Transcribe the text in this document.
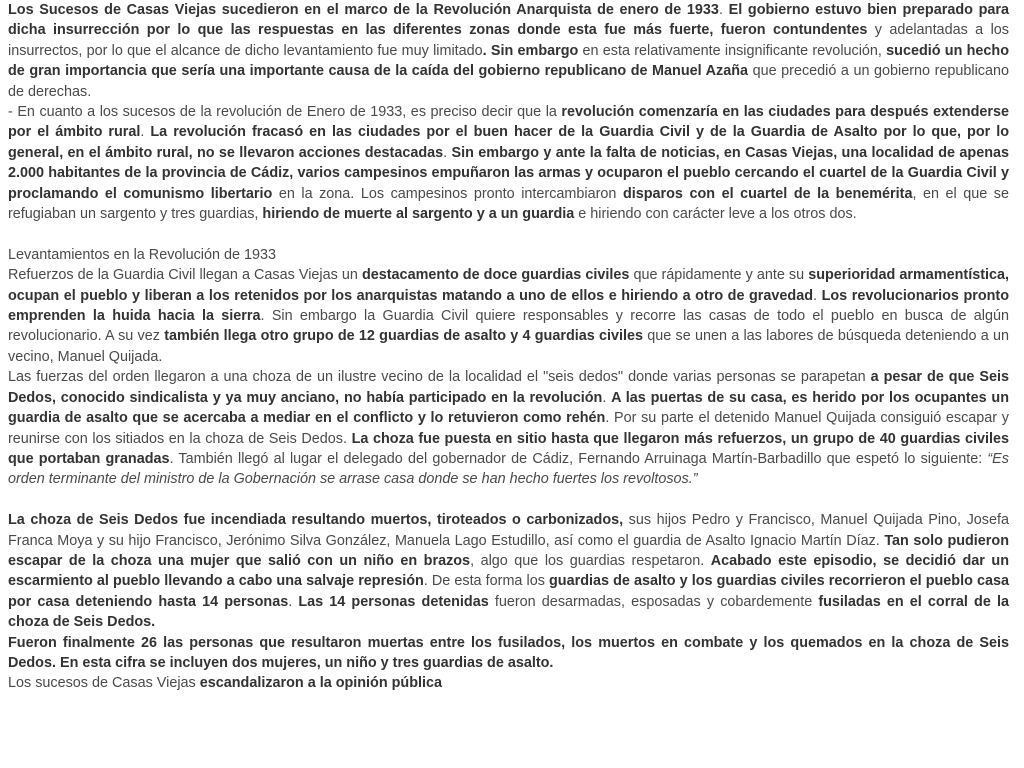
Los Sucesos de Casas Viejas sucedieron en el marco de la Revolución Anarquista de enero de 1933. El gobierno estuvo bien preparado para dicha insurrección por lo que las respuestas en las diferentes zonas donde esta fue más fuerte, fueron contundentes y adelantadas a los insurrectos, por lo que el alcance de dicho levantamiento fue muy limitado. Sin embargo en esta relativamente insignificante revolución, sucedió un hecho de gran importancia que sería una importante causa de la caída del gobierno republicano de Manuel Azaña que precedió a un gobierno republicano de derechas.

- En cuanto a los sucesos de la revolución de Enero de 1933, es preciso decir que la revolución comenzaría en las ciudades para después extenderse por el ámbito rural. La revolución fracasó en las ciudades por el buen hacer de la Guardia Civil y de la Guardia de Asalto por lo que, por lo general, en el ámbito rural, no se llevaron acciones destacadas. Sin embargo y ante la falta de noticias, en Casas Viejas, una localidad de apenas 2.000 habitantes de la provincia de Cádiz, varios campesinos empuñaron las armas y ocuparon el pueblo cercando el cuartel de la Guardia Civil y proclamando el comunismo libertario en la zona. Los campesinos pronto intercambiaron disparos con el cuartel de la benemérita, en el que se refugiaban un sargento y tres guardias, hiriendo de muerte al sargento y a un guardia e hiriendo con carácter leve a los otros dos.

Levantamientos en la Revolución de 1933

Refuerzos de la Guardia Civil llegan a Casas Viejas un destacamento de doce guardias civiles que rápidamente y ante su superioridad armamentística, ocupan el pueblo y liberan a los retenidos por los anarquistas matando a uno de ellos e hiriendo a otro de gravedad. Los revolucionarios pronto emprenden la huida hacia la sierra. Sin embargo la Guardia Civil quiere responsables y recorre las casas de todo el pueblo en busca de algún revolucionario. A su vez también llega otro grupo de 12 guardias de asalto y 4 guardias civiles que se unen a las labores de búsqueda deteniendo a un vecino, Manuel Quijada.

Las fuerzas del orden llegaron a una choza de un ilustre vecino de la localidad el "seis dedos" donde varias personas se parapetan a pesar de que Seis Dedos, conocido sindicalista y ya muy anciano, no había participado en la revolución. A las puertas de su casa, es herido por los ocupantes un guardia de asalto que se acercaba a mediar en el conflicto y lo retuvieron como rehén. Por su parte el detenido Manuel Quijada consiguió escapar y reunirse con los sitiados en la choza de Seis Dedos. La choza fue puesta en sitio hasta que llegaron más refuerzos, un grupo de 40 guardias civiles que portaban granadas. También llegó al lugar el delegado del gobernador de Cádiz, Fernando Arruinaga Martín-Barbadillo que espetó lo siguiente: “Es orden terminante del ministro de la Gobernación se arrase casa donde se han hecho fuertes los revoltosos.”

La choza de Seis Dedos fue incendiada resultando muertos, tiroteados o carbonizados, sus hijos Pedro y Francisco, Manuel Quijada Pino, Josefa Franca Moya y su hijo Francisco, Jerónimo Silva González, Manuela Lago Estudillo, así como el guardia de Asalto Ignacio Martín Díaz. Tan solo pudieron escapar de la choza una mujer que salió con un niño en brazos, algo que los guardias respetaron. Acabado este episodio, se decidió dar un escarmiento al pueblo llevando a cabo una salvaje represión. De esta forma los guardias de asalto y los guardias civiles recorrieron el pueblo casa por casa deteniendo hasta 14 personas. Las 14 personas detenidas fueron desarmadas, esposadas y cobardemente fusiladas en el corral de la choza de Seis Dedos.

Fueron finalmente 26 las personas que resultaron muertas entre los fusilados, los muertos en combate y los quemados en la choza de Seis Dedos. En esta cifra se incluyen dos mujeres, un niño y tres guardias de asalto.

Los sucesos de Casas Viejas escandalizaron a la opinión pública
